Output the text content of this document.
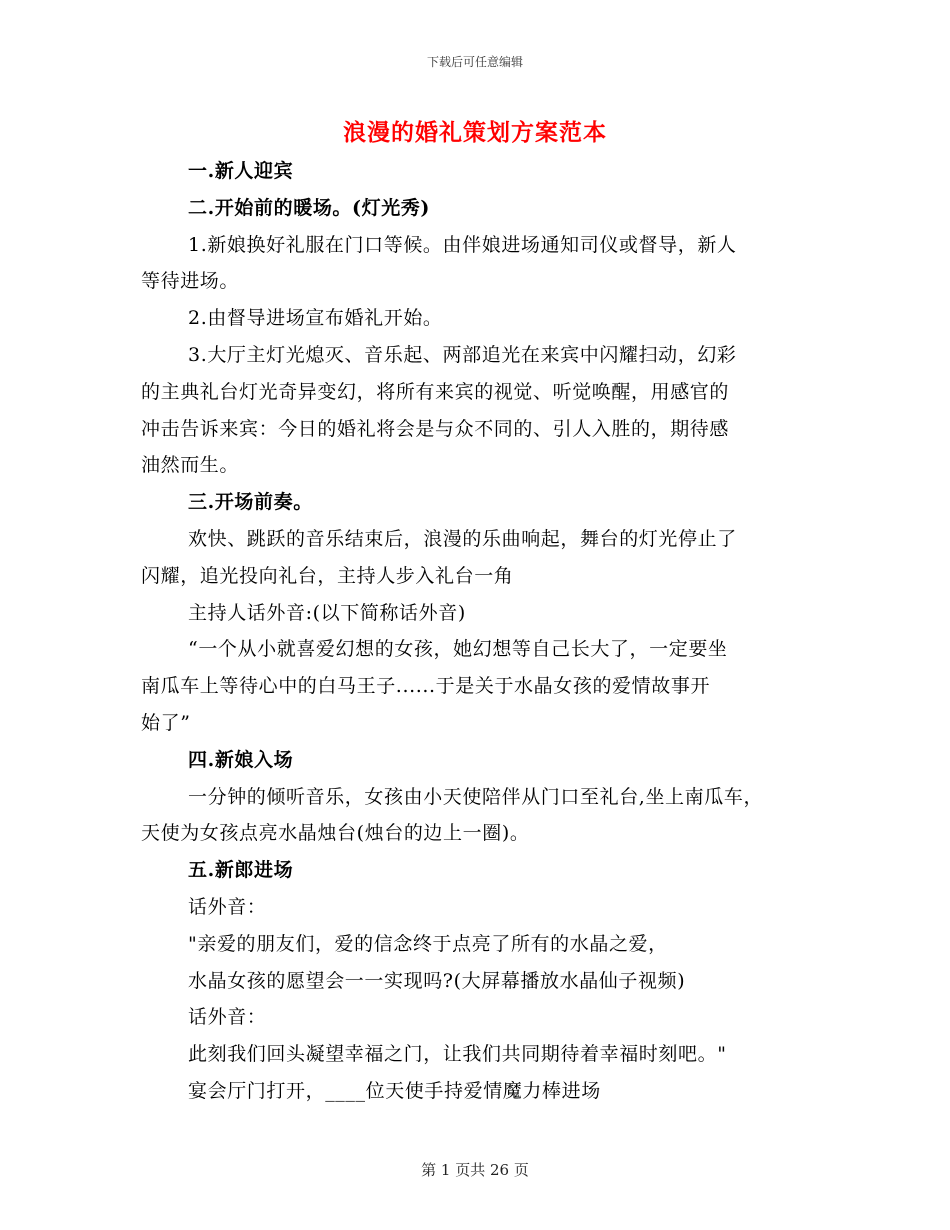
下载后可任意编辑
浪漫的婚礼策划方案范本
一.新人迎宾
二.开始前的暖场。(灯光秀)
1.新娘换好礼服在门口等候。由伴娘进场通知司仪或督导，新人
等待进场。
2.由督导进场宣布婚礼开始。
3.大厅主灯光熄灭、音乐起、两部追光在来宾中闪耀扫动，幻彩
的主典礼台灯光奇异变幻，将所有来宾的视觉、听觉唤醒，用感官的
冲击告诉来宾：今日的婚礼将会是与众不同的、引人入胜的，期待感
油然而生。
三.开场前奏。
欢快、跳跃的音乐结束后，浪漫的乐曲响起，舞台的灯光停止了
闪耀，追光投向礼台，主持人步入礼台一角
主持人话外音:(以下简称话外音)
“一个从小就喜爱幻想的女孩，她幻想等自己长大了，一定要坐
南瓜车上等待心中的白马王子......于是关于水晶女孩的爱情故事开
始了”
四.新娘入场
一分钟的倾听音乐，女孩由小天使陪伴从门口至礼台,坐上南瓜车，
天使为女孩点亮水晶烛台(烛台的边上一圈)。
五.新郎进场
话外音：
"亲爱的朋友们，爱的信念终于点亮了所有的水晶之爱，
水晶女孩的愿望会一一实现吗?(大屏幕播放水晶仙子视频)
话外音：
此刻我们回头凝望幸福之门，让我们共同期待着幸福时刻吧。"
宴会厅门打开，____位天使手持爱情魔力棒进场
第 1 页共 26 页
